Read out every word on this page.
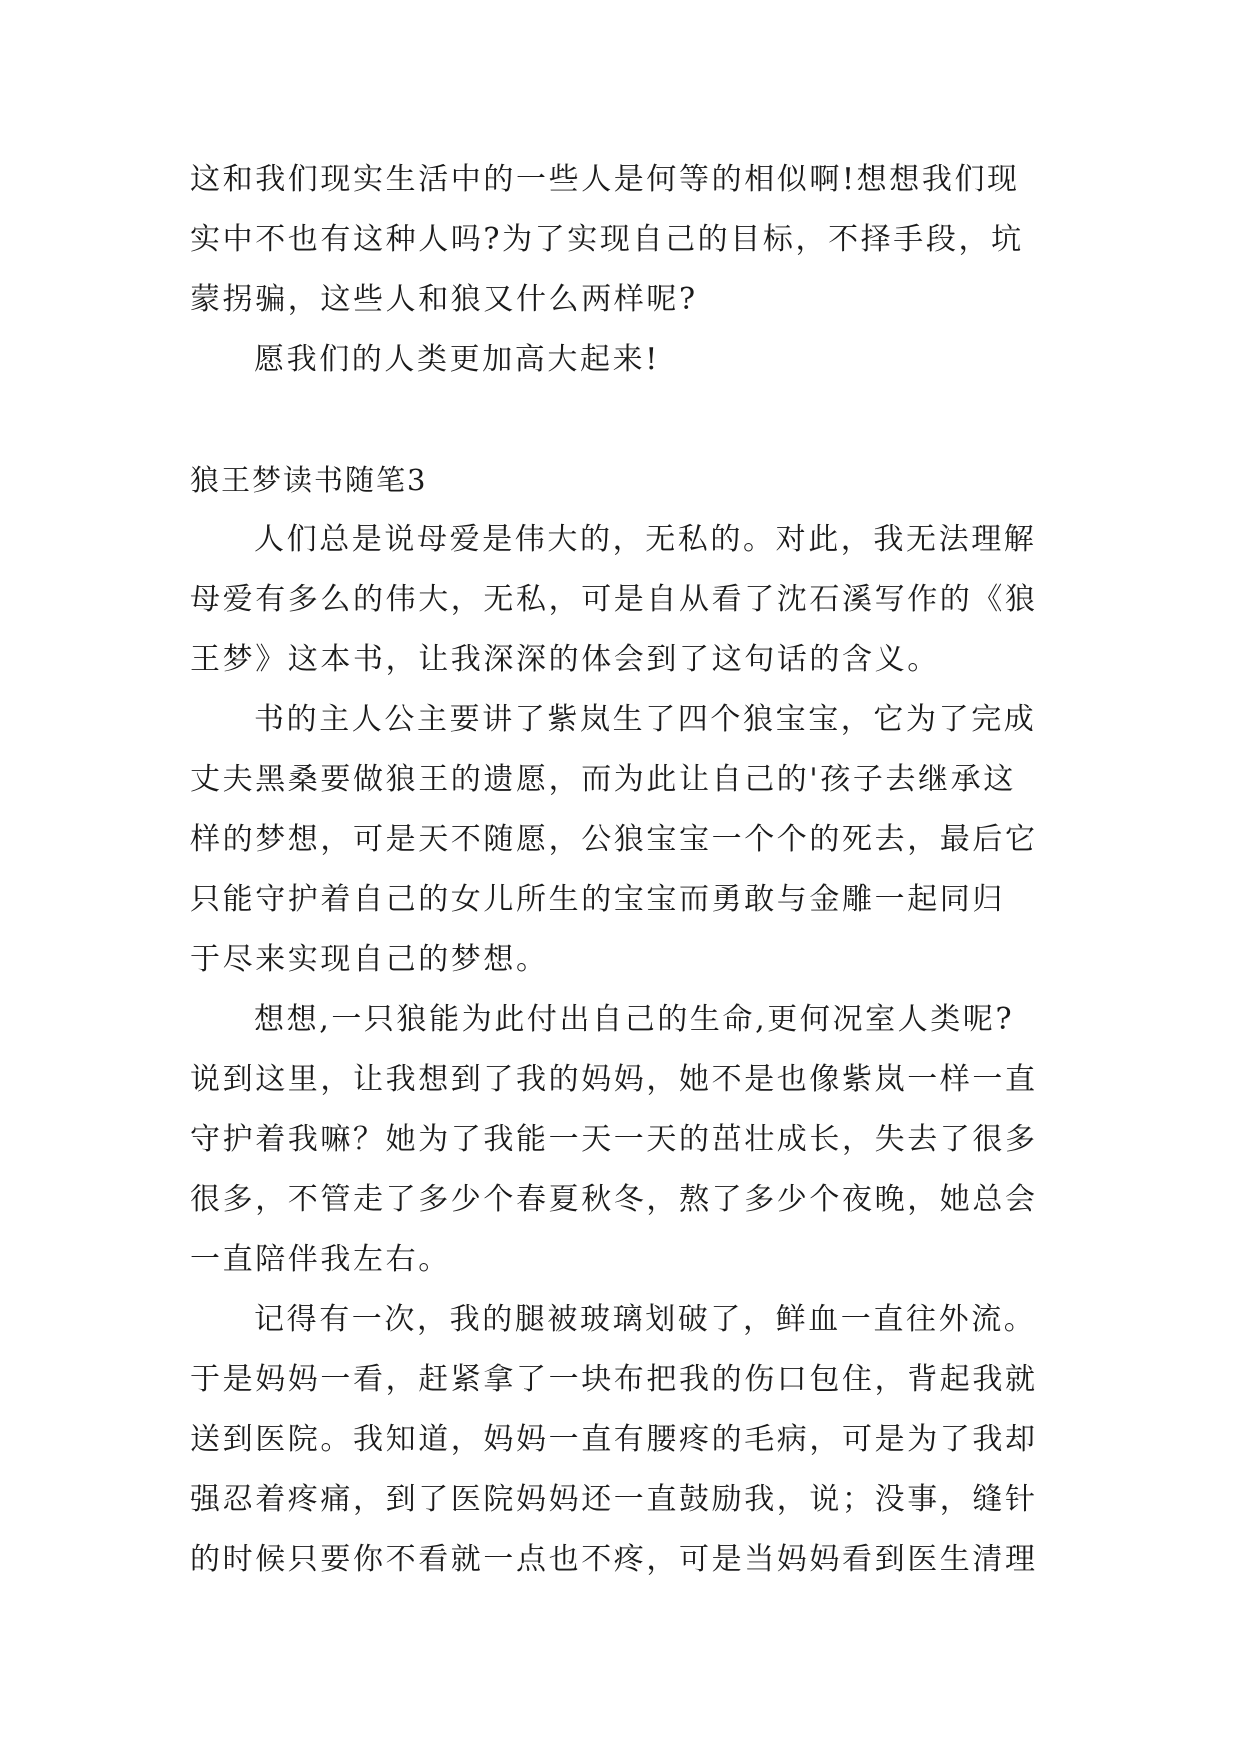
这和我们现实生活中的一些人是何等的相似啊!想想我们现
实中不也有这种人吗?为了实现自己的目标，不择手段，坑
蒙拐骗，这些人和狼又什么两样呢?
愿我们的人类更加高大起来!
狼王梦读书随笔3
人们总是说母爱是伟大的，无私的。对此，我无法理解
母爱有多么的伟大，无私，可是自从看了沈石溪写作的《狼
王梦》这本书，让我深深的体会到了这句话的含义。
书的主人公主要讲了紫岚生了四个狼宝宝，它为了完成
丈夫黑桑要做狼王的遗愿，而为此让自己的'孩子去继承这
样的梦想，可是天不随愿，公狼宝宝一个个的死去，最后它
只能守护着自己的女儿所生的宝宝而勇敢与金雕一起同归
于尽来实现自己的梦想。
想想,一只狼能为此付出自己的生命,更何况室人类呢?
说到这里，让我想到了我的妈妈，她不是也像紫岚一样一直
守护着我嘛？她为了我能一天一天的茁壮成长，失去了很多
很多，不管走了多少个春夏秋冬，熬了多少个夜晚，她总会
一直陪伴我左右。
记得有一次，我的腿被玻璃划破了，鲜血一直往外流。
于是妈妈一看，赶紧拿了一块布把我的伤口包住，背起我就
送到医院。我知道，妈妈一直有腰疼的毛病，可是为了我却
强忍着疼痛，到了医院妈妈还一直鼓励我，说；没事，缝针
的时候只要你不看就一点也不疼，可是当妈妈看到医生清理
